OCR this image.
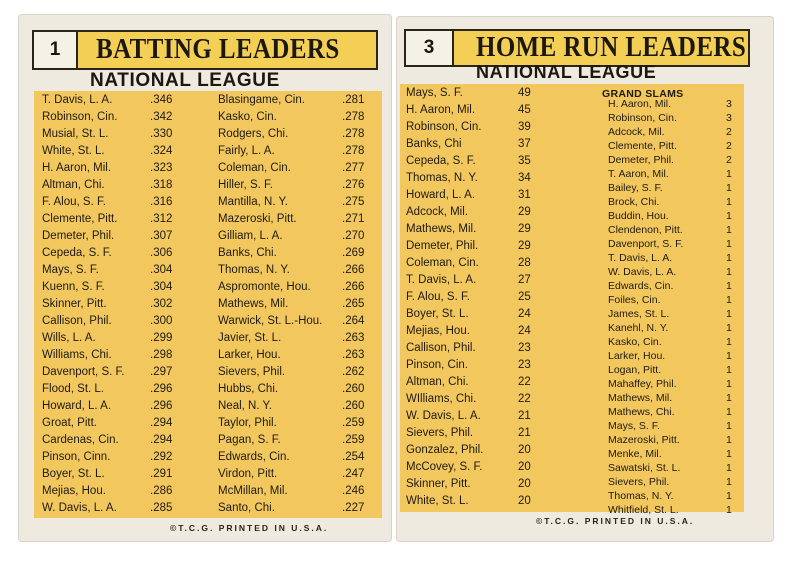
1	BATTING LEADERS
NATIONAL LEAGUE
T. Davis, L. A.	.346
Robinson, Cin.	.342
Musial, St. L.	.330
White, St. L.	.324
H. Aaron, Mil.	.323
Altman, Chi.	.318
F. Alou, S. F.	.316
Clemente, Pitt.	.312
Demeter, Phil.	.307
Cepeda, S. F.	.306
Mays, S. F.	.304
Kuenn, S. F.	.304
Skinner, Pitt.	.302
Callison, Phil.	.300
Wills, L. A.	.299
Williams, Chi.	.298
Davenport, S. F. .297
Flood, St. L.	.296
Howard, L. A.	.296
Groat, Pitt.	.294
Cardenas, Cin.	.294
Pinson, Cinn.	.292
Boyer, St. L.	.291
Mejias, Hou.	.286
W. Davis, L. A.	.285
Blasingame, Cin.	.281
Kasko, Cin.	.278
Rodgers, Chi.	.278
Fairly, L. A.	.278
Coleman, Cin.	.277
Hiller, S. F.	.276
Mantilla, N. Y.	.275
Mazeroski, Pitt.	.271
Gilliam, L. A.	.270
Banks, Chi.	.269
Thomas, N. Y.	.266
Aspromonte, Hou.	.266
Mathews, Mil.	.265
Warwick, St. L.-Hou. .264
Javier, St. L.	.263
Larker, Hou.	.263
Sievers, Phil.	.262
Hubbs, Chi.	.260
Neal, N. Y.	.260
Taylor, Phil.	.259
Pagan, S. F.	.259
Edwards, Cin.	.254
Virdon, Pitt.	.247
McMillan, Mil.	.246
Santo, Chi.	.227
©T.C.G. PRINTED IN U.S.A.
3	HOME RUN LEADERS
NATIONAL LEAGUE
Mays, S. F.	49
H. Aaron, Mil.	45
Robinson, Cin.	39
Banks, Chi	37
Cepeda, S. F.	35
Thomas, N. Y.	34
Howard, L. A.	31
Adcock, Mil.	29
Mathews, Mil.	29
Demeter, Phil.	29
Coleman, Cin.	28
T. Davis, L. A.	27
F. Alou, S. F.	25
Boyer, St. L.	24
Mejias, Hou.	24
Callison, Phil.	23
Pinson, Cin.	23
Altman, Chi.	22
WIlliams, Chi.	22
W. Davis, L. A.	21
Sievers, Phil.	21
Gonzalez, Phil.	20
McCovey, S. F.	20
Skinner, Pitt.	20
White, St. L.	20
GRAND SLAMS
H. Aaron, Mil.	3
Robinson, Cin.	3
Adcock, Mil.	2
Clemente, Pitt.	2
Demeter, Phil.	2
T. Aaron, Mil.	1
Bailey, S. F.	1
Brock, Chi.	1
Buddin, Hou.	1
Clendenon, Pitt.	1
Davenport, S. F.	1
T. Davis, L. A.	1
W. Davis, L. A.	1
Edwards, Cin.	1
Foiles, Cin.	1
James, St. L.	1
Kanehl, N. Y.	1
Kasko, Cin.	1
Larker, Hou.	1
Logan, Pitt.	1
Mahaffey, Phil.	1
Mathews, Mil.	1
Mathews, Chi.	1
Mays, S. F.	1
Mazeroski, Pitt.	1
Menke, Mil.	1
Sawatski, St. L.	1
Sievers, Phil.	1
Thomas, N. Y.	1
Whitfield, St. L.	1
©T.C.G. PRINTED IN U.S.A.
